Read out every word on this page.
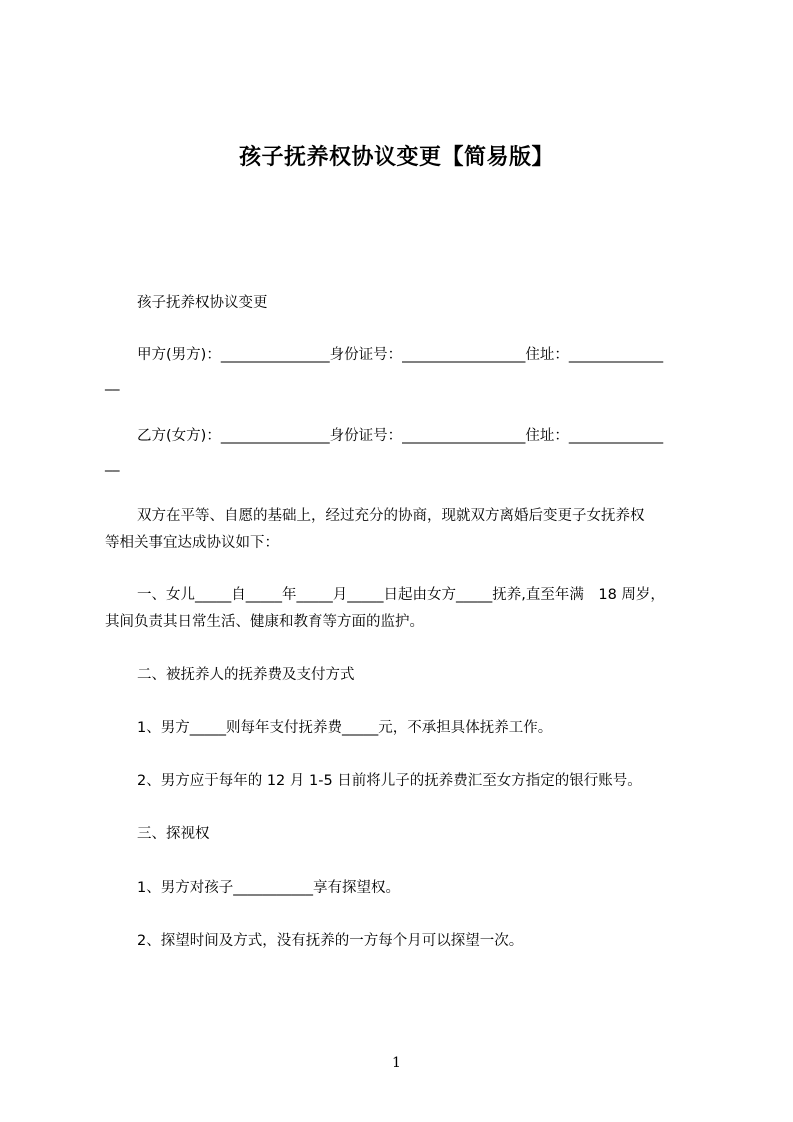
孩子抚养权协议变更【简易版】
孩子抚养权协议变更
甲方(男方)：_______________身份证号：_________________住址：_____________
__
乙方(女方)：_______________身份证号：_________________住址：_____________
__
双方在平等、自愿的基础上，经过充分的协商，现就双方离婚后变更子女抚养权
等相关事宜达成协议如下：
一、女儿_____自_____年_____月_____日起由女方_____抚养,直至年满　18 周岁，
其间负责其日常生活、健康和教育等方面的监护。
二、被抚养人的抚养费及支付方式
1、男方_____则每年支付抚养费_____元，不承担具体抚养工作。
2、男方应于每年的 12 月 1-5 日前将儿子的抚养费汇至女方指定的银行账号。
三、探视权
1、男方对孩子___________享有探望权。
2、探望时间及方式，没有抚养的一方每个月可以探望一次。
1
